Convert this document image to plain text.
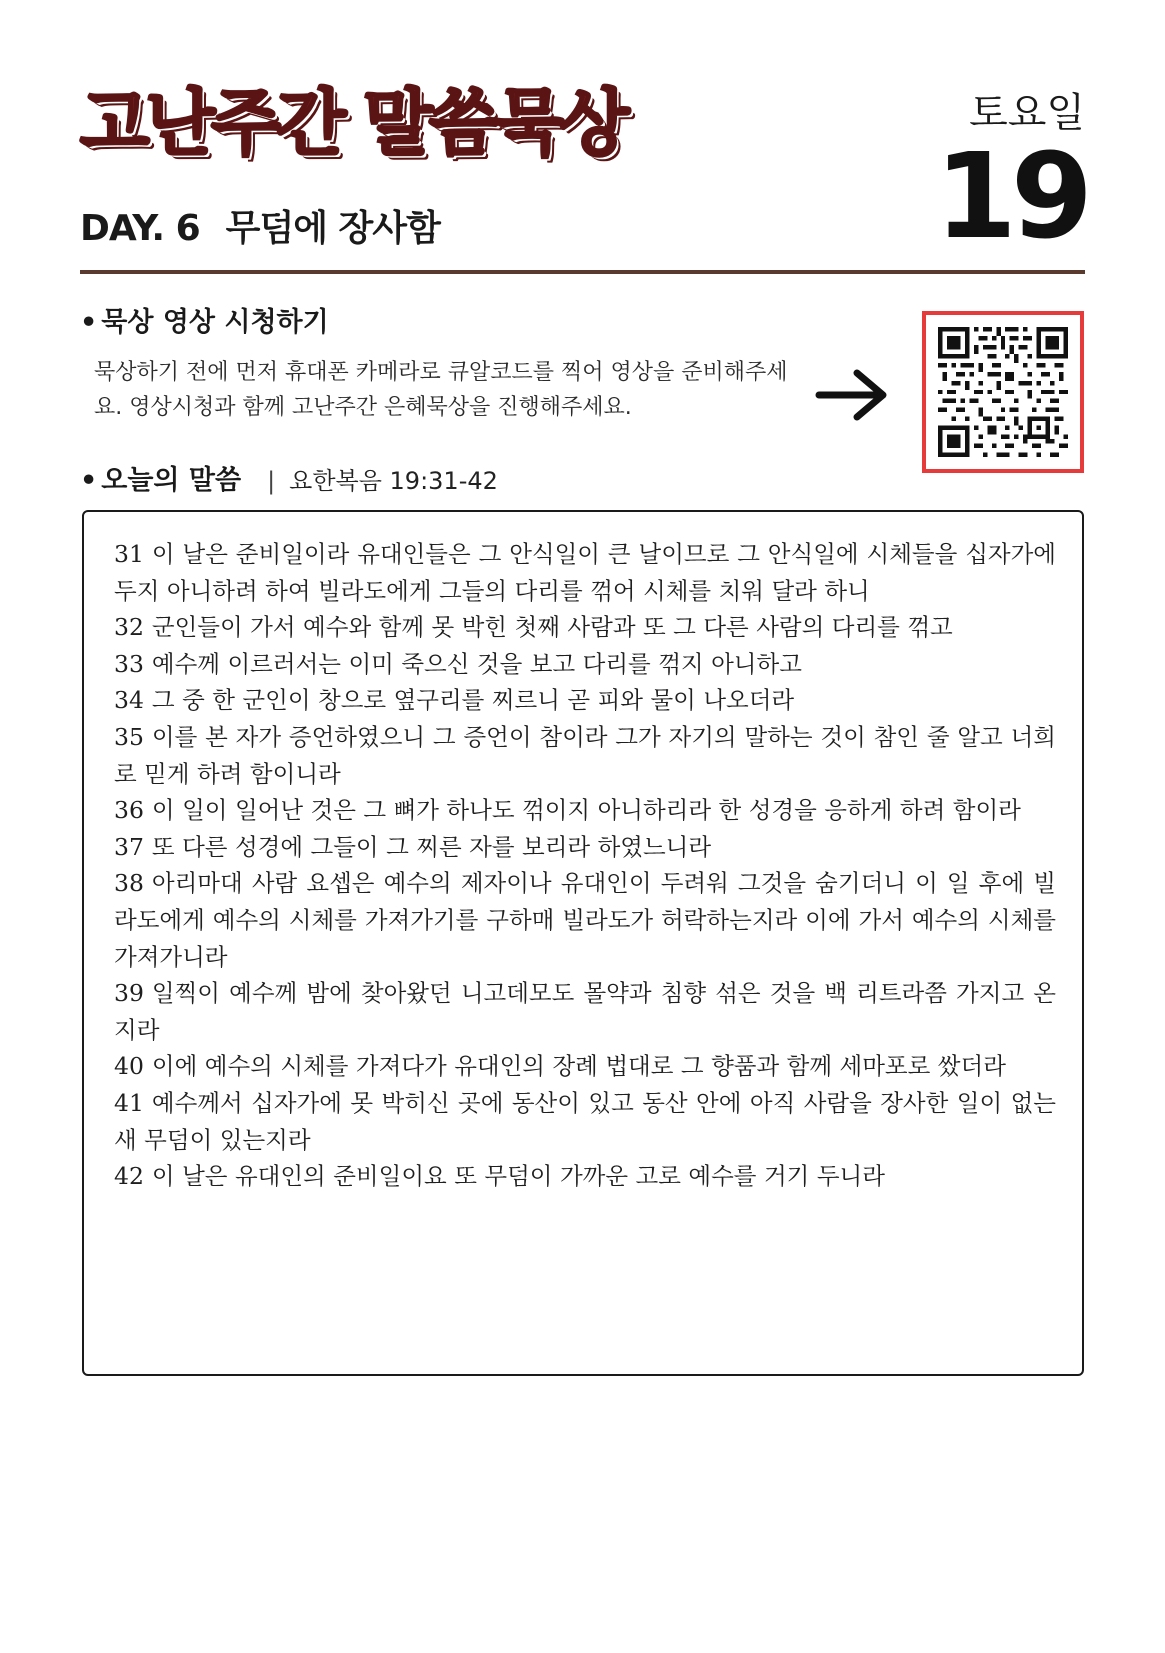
고난주간 말씀묵상
DAY. 6 무덤에 장사함
토요일
19
• 묵상 영상 시청하기
묵상하기 전에 먼저 휴대폰 카메라로 큐알코드를 찍어 영상을 준비해주세요. 영상시청과 함께 고난주간 은혜묵상을 진행해주세요.
• 오늘의 말씀 | 요한복음 19:31-42
31 이 날은 준비일이라 유대인들은 그 안식일이 큰 날이므로 그 안식일에 시체들을 십자가에 두지 아니하려 하여 빌라도에게 그들의 다리를 꺾어 시체를 치워 달라 하니
32 군인들이 가서 예수와 함께 못 박힌 첫째 사람과 또 그 다른 사람의 다리를 꺾고
33 예수께 이르러서는 이미 죽으신 것을 보고 다리를 꺾지 아니하고
34 그 중 한 군인이 창으로 옆구리를 찌르니 곧 피와 물이 나오더라
35 이를 본 자가 증언하였으니 그 증언이 참이라 그가 자기의 말하는 것이 참인 줄 알고 너희로 믿게 하려 함이니라
36 이 일이 일어난 것은 그 뼈가 하나도 꺾이지 아니하리라 한 성경을 응하게 하려 함이라
37 또 다른 성경에 그들이 그 찌른 자를 보리라 하였느니라
38 아리마대 사람 요셉은 예수의 제자이나 유대인이 두려워 그것을 숨기더니 이 일 후에 빌라도에게 예수의 시체를 가져가기를 구하매 빌라도가 허락하는지라 이에 가서 예수의 시체를 가져가니라
39 일찍이 예수께 밤에 찾아왔던 니고데모도 몰약과 침향 섞은 것을 백 리트라쯤 가지고 온지라
40 이에 예수의 시체를 가져다가 유대인의 장례 법대로 그 향품과 함께 세마포로 쌌더라
41 예수께서 십자가에 못 박히신 곳에 동산이 있고 동산 안에 아직 사람을 장사한 일이 없는 새 무덤이 있는지라
42 이 날은 유대인의 준비일이요 또 무덤이 가까운 고로 예수를 거기 두니라
